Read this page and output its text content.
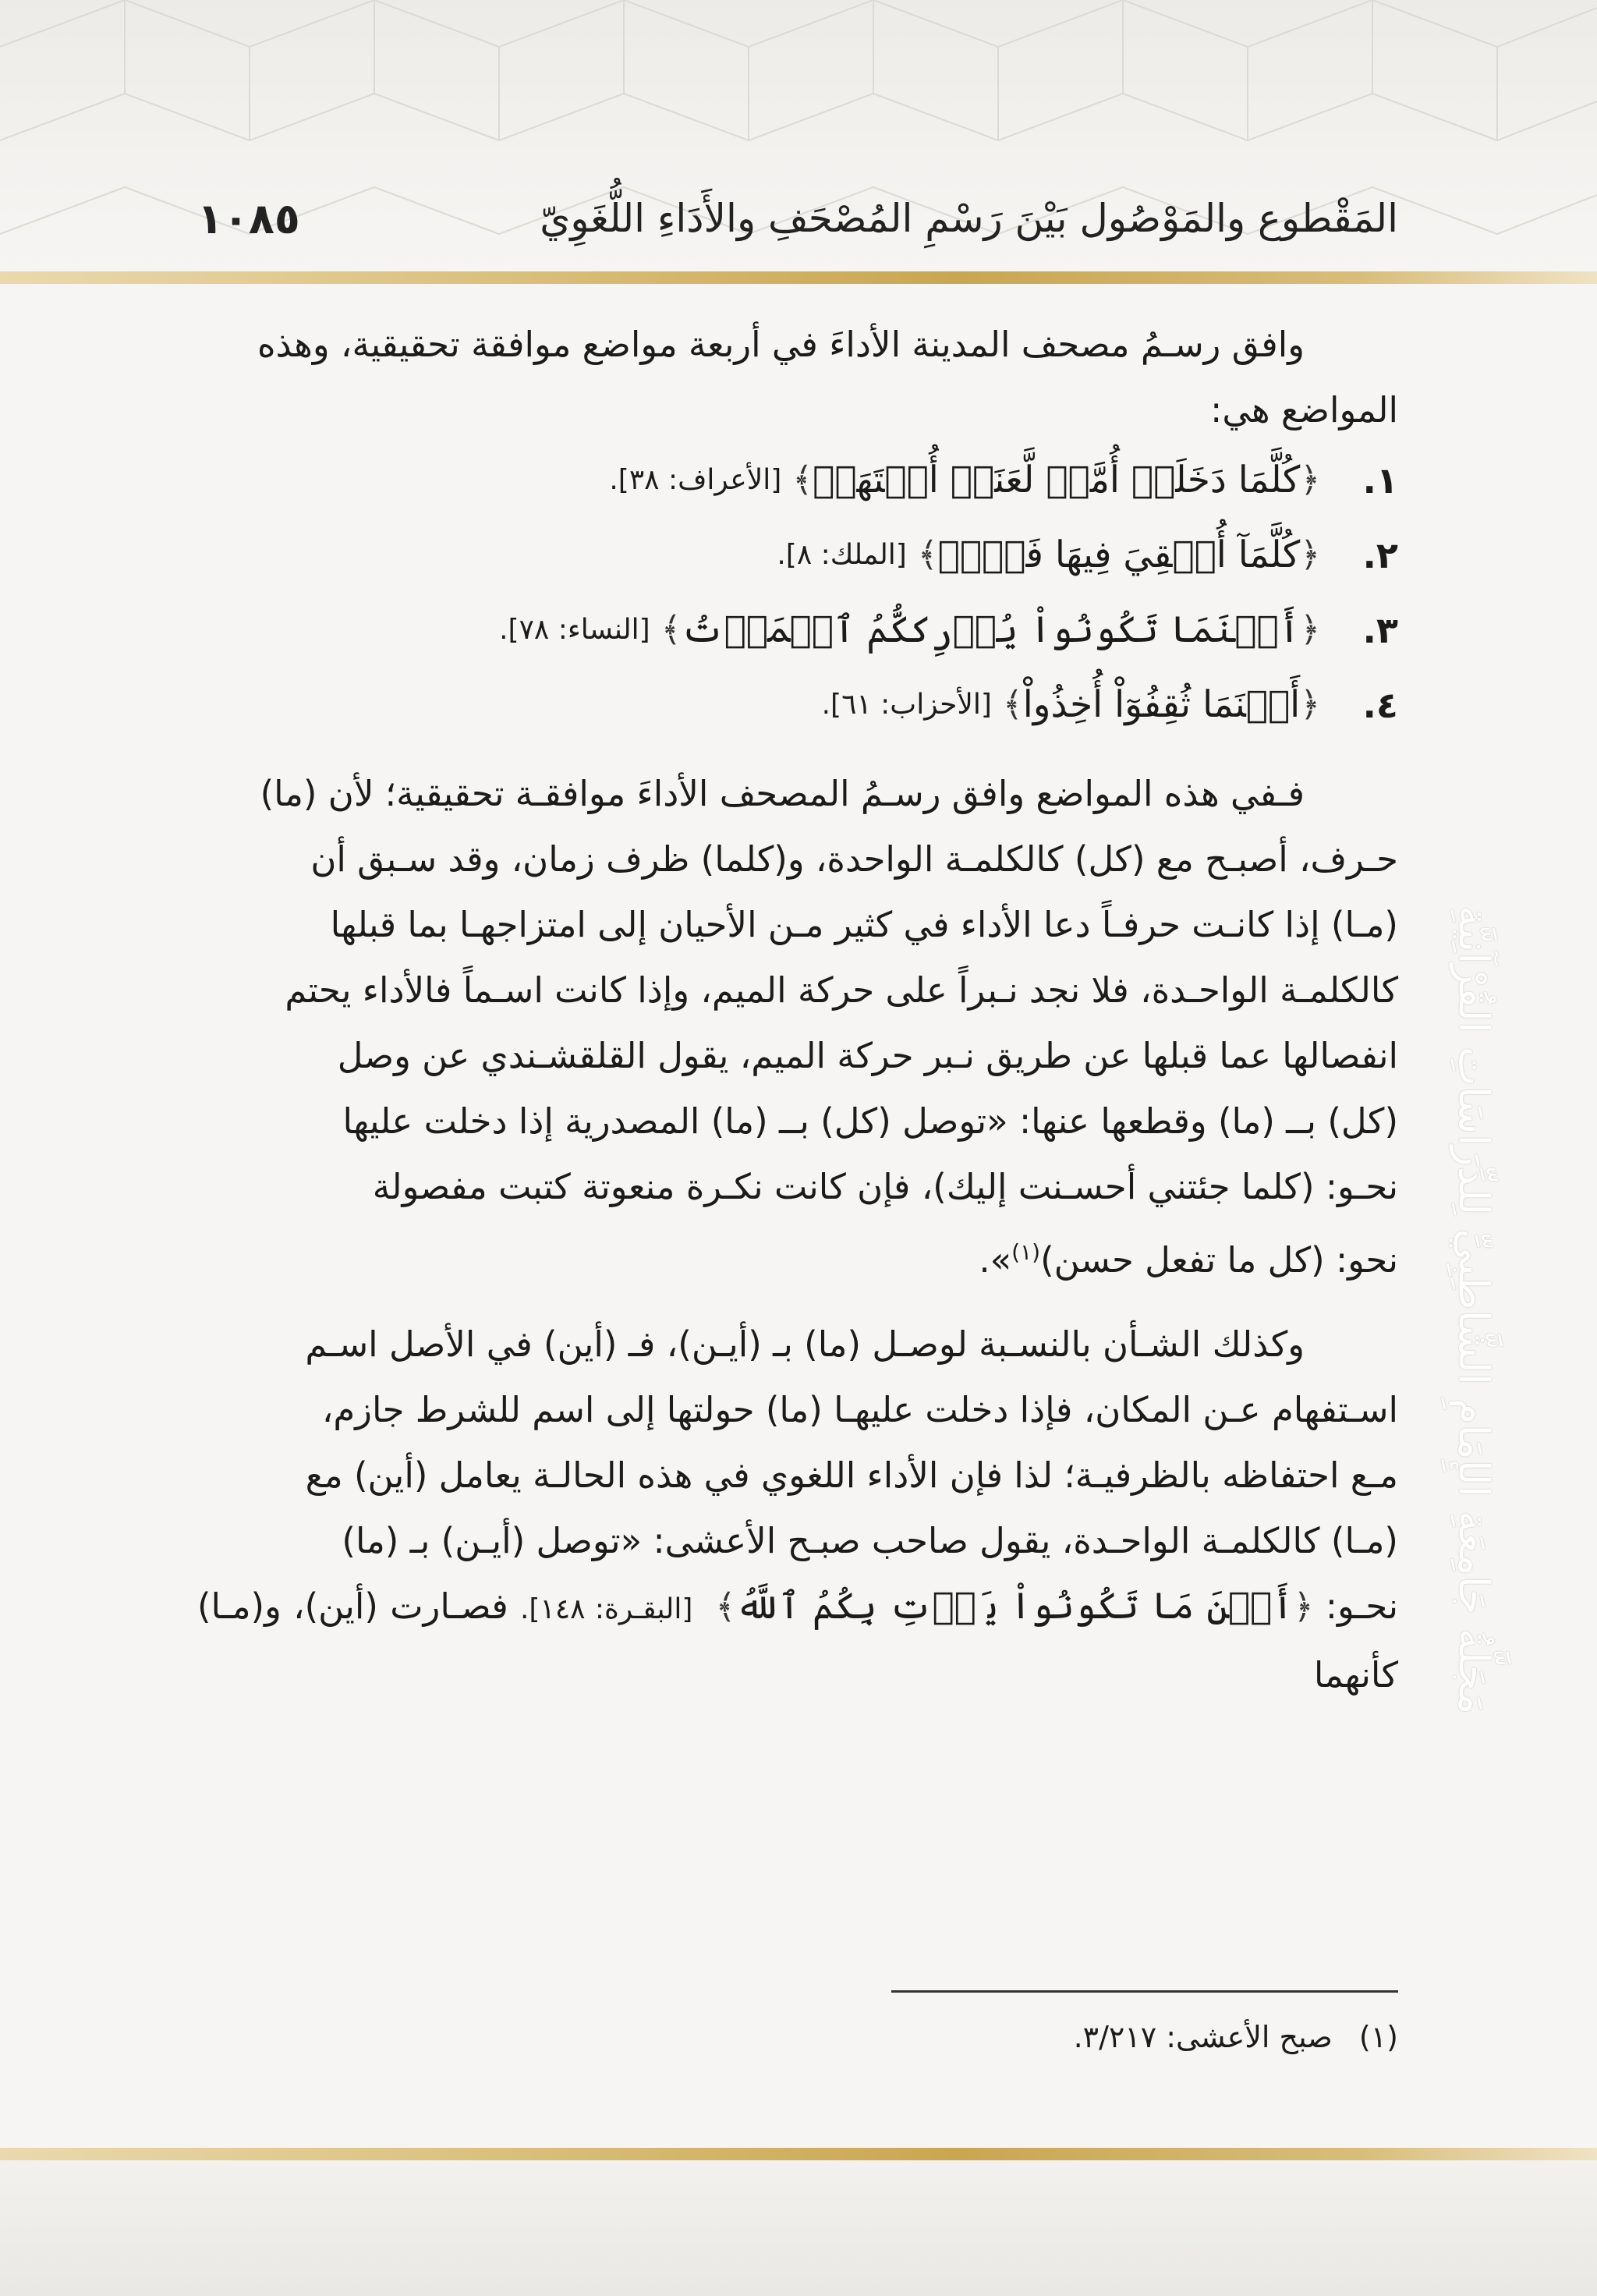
المَقْطوع والمَوْصُول بَيْنَ رَسْمِ المُصْحَفِ والأَدَاءِ اللُّغَوِيّ
١٠٨٥
مَجَلَّةُ جَامِعَةِ الإِمَامِ الشَّاطِبِيِّ لِلدِّرَاسَاتِ القُرْآنِيَّةِ

وافق رسـمُ مصحف المدينة الأداءَ في أربعة مواضع موافقة تحقيقية، وهذه

المواضع هي:

١.
﴿
كُلَّمَا دَخَلَتۡ أُمَّةٞ لَّعَنَتۡ أُخۡتَهَاۖ
﴾
[الأعراف: ٣٨].
٢.
﴿
كُلَّمَآ أُلۡقِيَ فِيهَا فَوۡجٞ
﴾
[الملك: ٨].
٣.
﴿
أَيۡنَمَا تَكُونُواْ يُدۡرِككُّمُ ٱلۡمَوۡتُ
﴾
[النساء: ٧٨].
٤.
﴿
أَيۡنَمَا ثُقِفُوٓاْ أُخِذُواْ
﴾
[الأحزاب: ٦١].

فـفي هذه المواضع وافق رسـمُ المصحف الأداءَ موافقـة تحقيقية؛ لأن (ما)

حـرف، أصبـح مع (كل) كالكلمـة الواحدة، و(كلما) ظرف زمان، وقد سـبق أن

(مـا) إذا كانـت حرفـاً دعا الأداء في كثير مـن الأحيان إلى امتزاجهـا بما قبلها

كالكلمـة الواحـدة، فلا نجد نـبراً على حركة الميم، وإذا كانت اسـماً فالأداء يحتم

انفصالها عما قبلها عن طريق نـبر حركة الميم، يقول القلقشـندي عن وصل

(كل) بــ (ما) وقطعها عنها: «توصل (كل) بــ (ما) المصدرية إذا دخلت عليها

نحـو: (كلما جئتني أحسـنت إليك)، فإن كانت نكـرة منعوتة كتبت مفصولة

نحو: (كل ما تفعل حسن)$^{(١)}$».

وكذلك الشـأن بالنسـبة لوصـل (ما) بـ (أيـن)، فـ (أين) في الأصل اسـم

اسـتفهام عـن المكان، فإذا دخلت عليهـا (ما) حولتها إلى اسم للشرط جازم،

مـع احتفاظه بالظرفيـة؛ لذا فإن الأداء اللغوي في هذه الحالـة يعامل (أين) مع

(مـا) كالكلمـة الواحـدة، يقول صاحب صبـح الأعشى: «توصل (أيـن) بـ (ما)

نحـو: ﴿أَيۡنَ مَا تَكُونُواْ يَأۡتِ بِكُمُ ٱللَّهُ﴾ [البقـرة: ١٤٨]. فصـارت (أين)، و(مـا) كأنهما

(١) صبح الأعشى: ٣/٢١٧.
